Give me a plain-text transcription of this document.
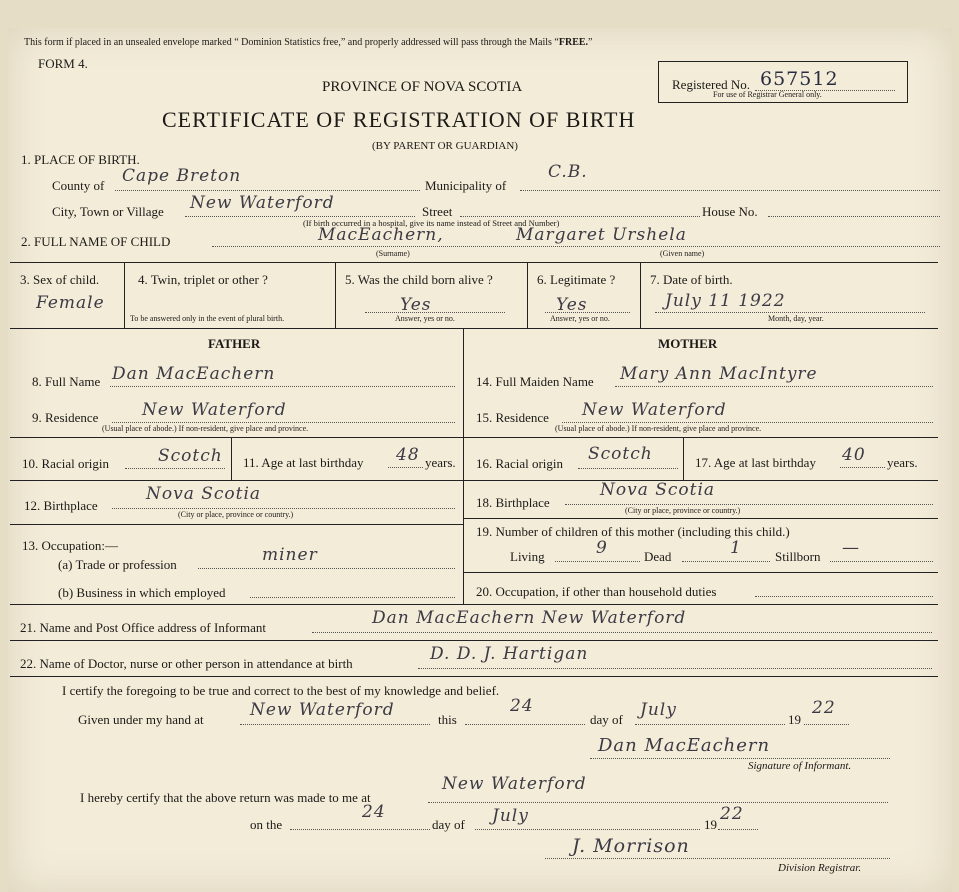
This form if placed in an unsealed envelope marked “ Dominion Statistics free,” and properly addressed will pass through the Mails “FREE.”
FORM 4.
PROVINCE OF NOVA SCOTIA
CERTIFICATE OF REGISTRATION OF BIRTH
(BY PARENT OR GUARDIAN)
Registered No. 657512
For use of Registrar General only.
1. PLACE OF BIRTH.
County of Cape Breton	Municipality of
C.B.
City, Town or Village New Waterford	Street	House No.
(If birth occurred in a hospital, give its name instead of Street and Number)
2. FULL NAME OF CHILD	MacEachern,	Margaret Urshela
(Surname)	(Given name)
3. Sex of child.
Female
4. Twin, triplet or other ?
To be answered only in the event of plural birth.
5. Was the child born alive ?
Yes
Answer, yes or no.
6. Legitimate ?
Yes
Answer, yes or no.
7. Date of birth.
July 11 1922
Month, day, year.
FATHER
8. Full Name Dan MacEachern
9. Residence	New Waterford
(Usual place of abode.) If non-resident, give place and province.
10. Racial origin	Scotch 11. Age at last birthday 48 years.
12. Birthplace
Nova Scotia
(City or place, province or country.)
13. Occupation:—
(a) Trade or profession	miner
(b) Business in which employed
MOTHER
14. Full Maiden Name Mary Ann MacIntyre
15. Residence New Waterford
(Usual place of abode.) If non-resident, give place and province.
16. Racial origin Scotch	17. Age at last birthday 40 years.
18. Birthplace
Nova Scotia
(City or place, province or country.)
19. Number of children of this mother (including this child.)
Living	9	Dead	1	Stillborn —
20. Occupation, if other than household duties
21. Name and Post Office address of Informant	Dan MacEachern New Waterford
22. Name of Doctor, nurse or other person in attendance at birth	D. D. J. Hartigan
I certify the foregoing to be true and correct to the best of my knowledge and belief.
Given under my hand at	New Waterford	this
24
day of July	19
22
Dan MacEachern
Signature of Informant.
I hereby certify that the above return was made to me at
New Waterford
on the
24
day of July	19
22
J. Morrison
Division Registrar.
